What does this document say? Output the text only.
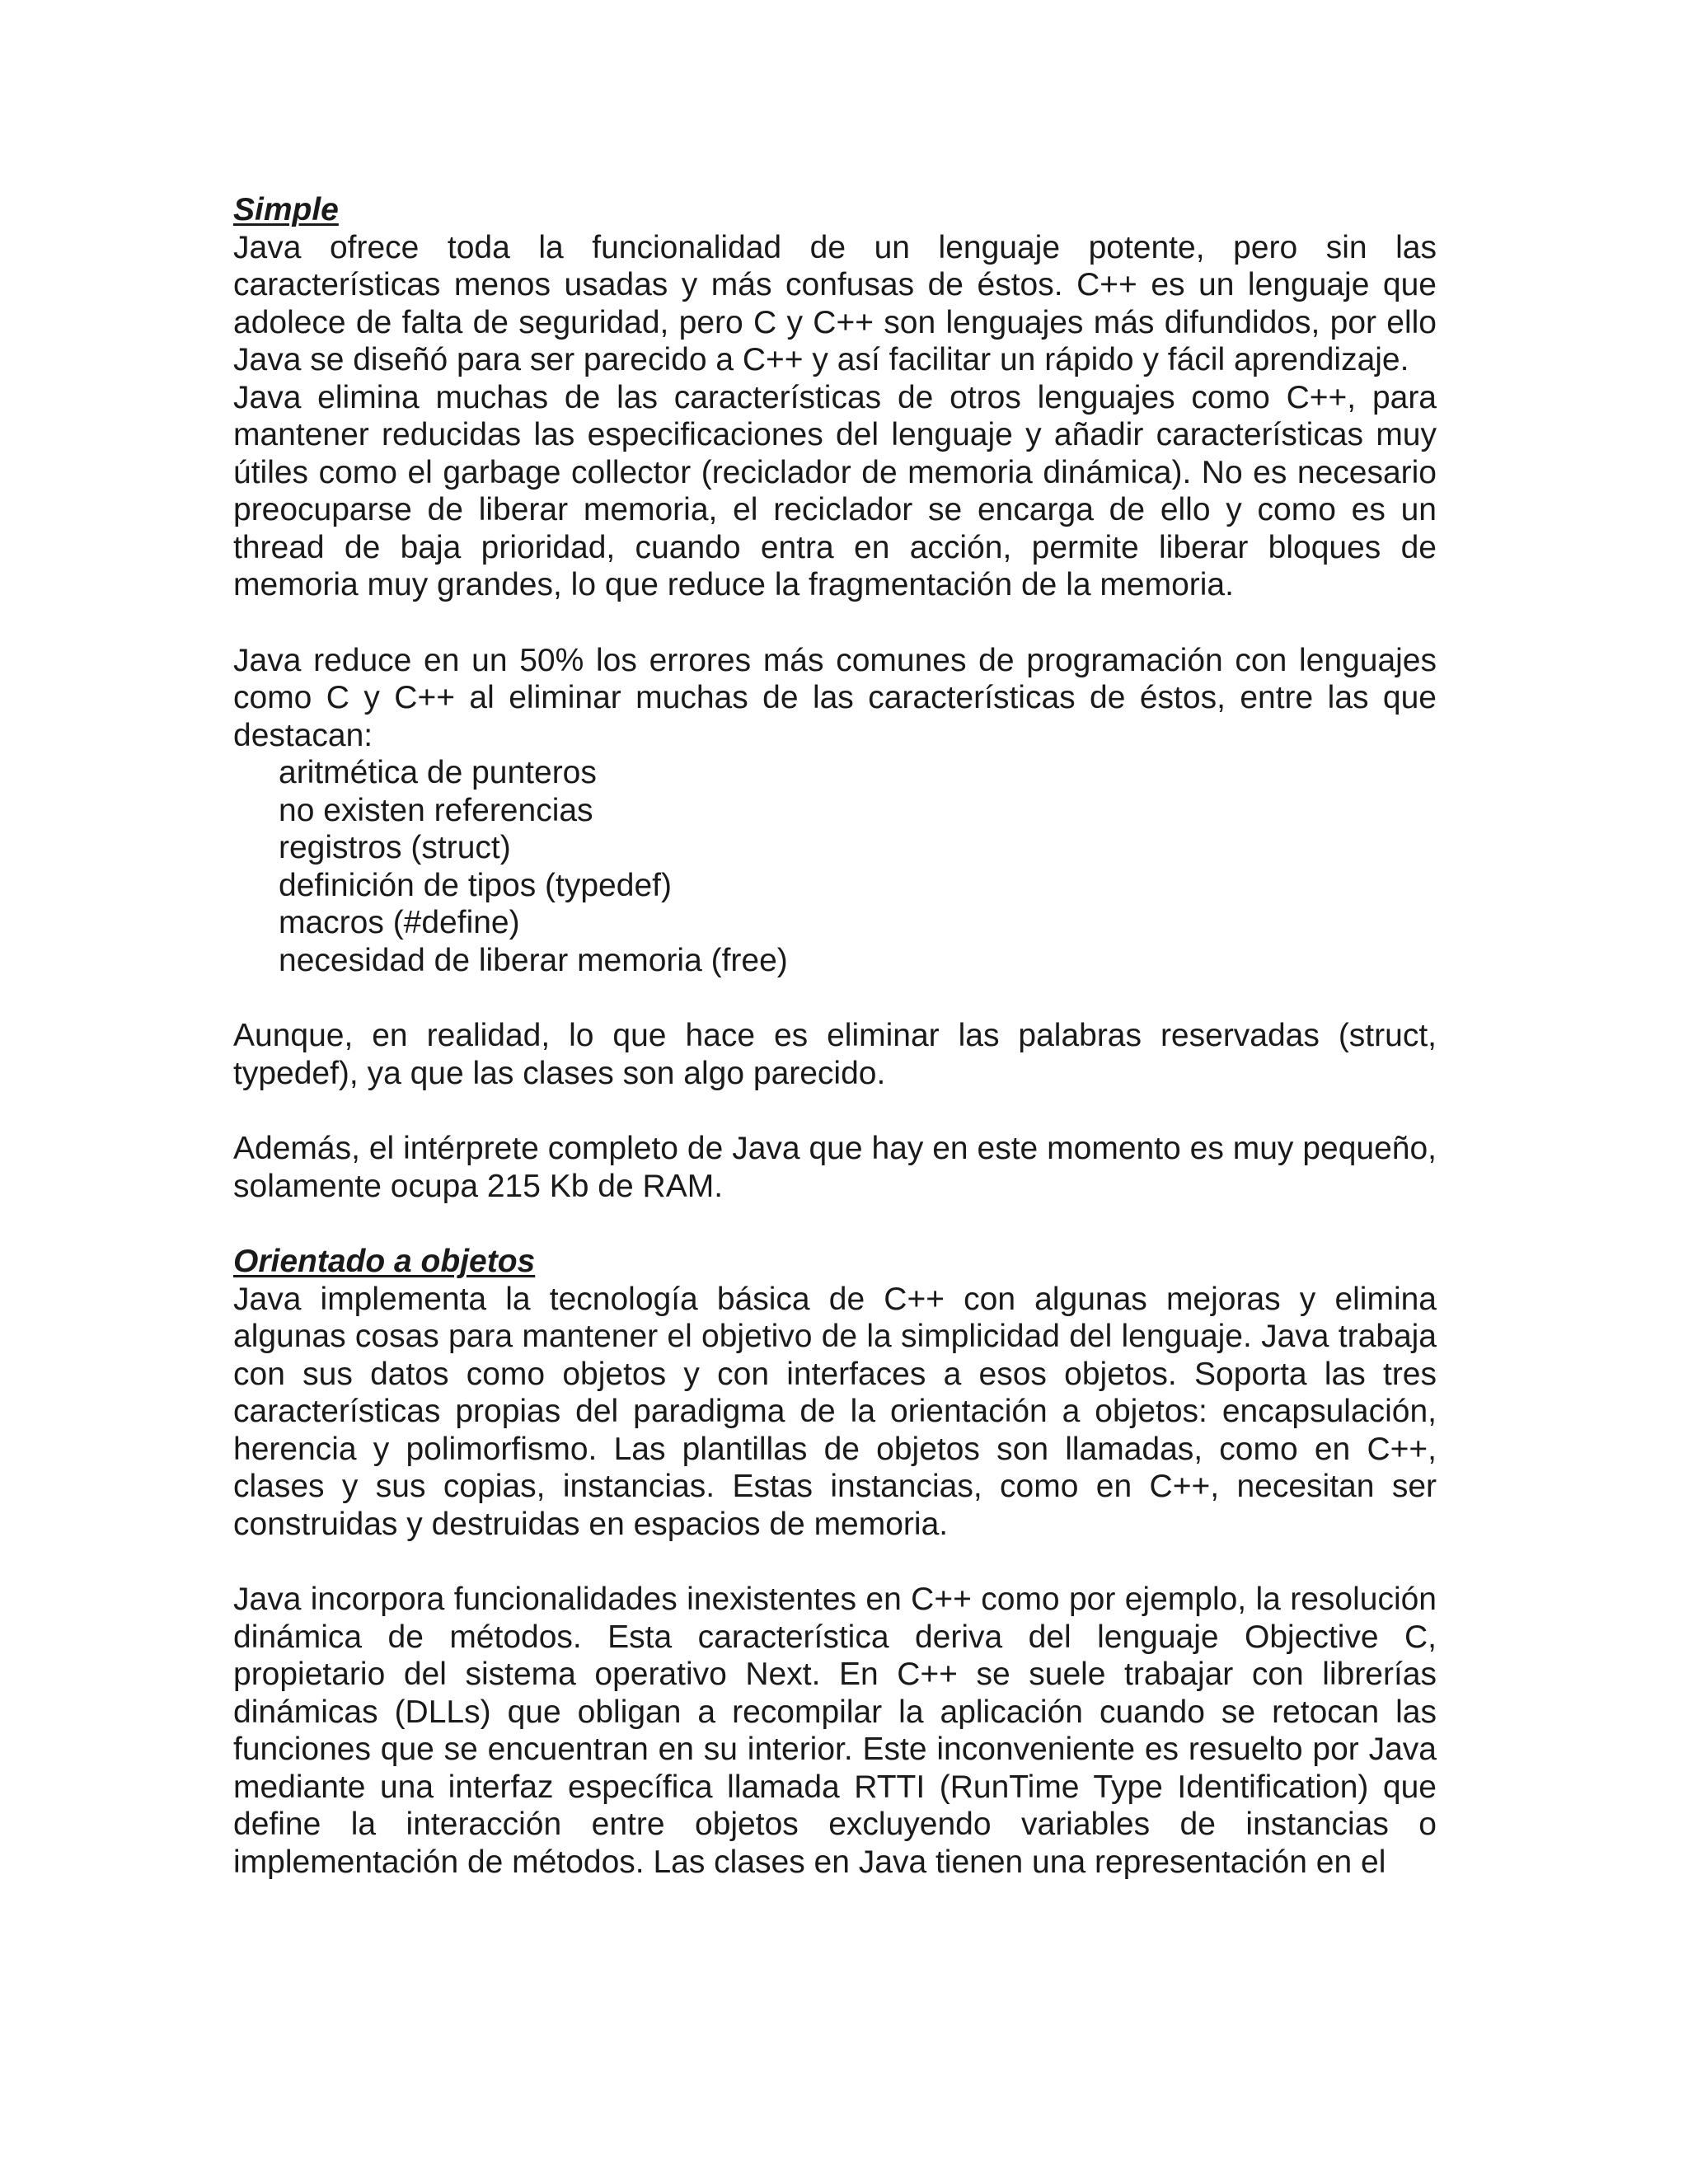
Simple

Java ofrece toda la funcionalidad de un lenguaje potente, pero sin las características menos usadas y más confusas de éstos. C++ es un lenguaje que adolece de falta de seguridad, pero C y C++ son lenguajes más difundidos, por ello Java se diseñó para ser parecido a C++ y así facilitar un rápido y fácil aprendizaje.

Java elimina muchas de las características de otros lenguajes como C++, para mantener reducidas las especificaciones del lenguaje y añadir características muy útiles como el garbage collector (reciclador de memoria dinámica). No es necesario preocuparse de liberar memoria, el reciclador se encarga de ello y como es un thread de baja prioridad, cuando entra en acción, permite liberar bloques de memoria muy grandes, lo que reduce la fragmentación de la memoria.

Java reduce en un 50% los errores más comunes de programación con lenguajes como C y C++ al eliminar muchas de las características de éstos, entre las que destacan:

aritmética de punteros
no existen referencias
registros (struct)
definición de tipos (typedef)
macros (#define)
necesidad de liberar memoria (free)

Aunque, en realidad, lo que hace es eliminar las palabras reservadas (struct, typedef), ya que las clases son algo parecido.

Además, el intérprete completo de Java que hay en este momento es muy pequeño, solamente ocupa 215 Kb de RAM.

Orientado a objetos

Java implementa la tecnología básica de C++ con algunas mejoras y elimina algunas cosas para mantener el objetivo de la simplicidad del lenguaje. Java trabaja con sus datos como objetos y con interfaces a esos objetos. Soporta las tres características propias del paradigma de la orientación a objetos: encapsulación, herencia y polimorfismo. Las plantillas de objetos son llamadas, como en C++, clases y sus copias, instancias. Estas instancias, como en C++, necesitan ser construidas y destruidas en espacios de memoria.

Java incorpora funcionalidades inexistentes en C++ como por ejemplo, la resolución dinámica de métodos. Esta característica deriva del lenguaje Objective C, propietario del sistema operativo Next. En C++ se suele trabajar con librerías dinámicas (DLLs) que obligan a recompilar la aplicación cuando se retocan las funciones que se encuentran en su interior. Este inconveniente es resuelto por Java mediante una interfaz específica llamada RTTI (RunTime Type Identification) que define la interacción entre objetos excluyendo variables de instancias o implementación de métodos. Las clases en Java tienen una representación en el
